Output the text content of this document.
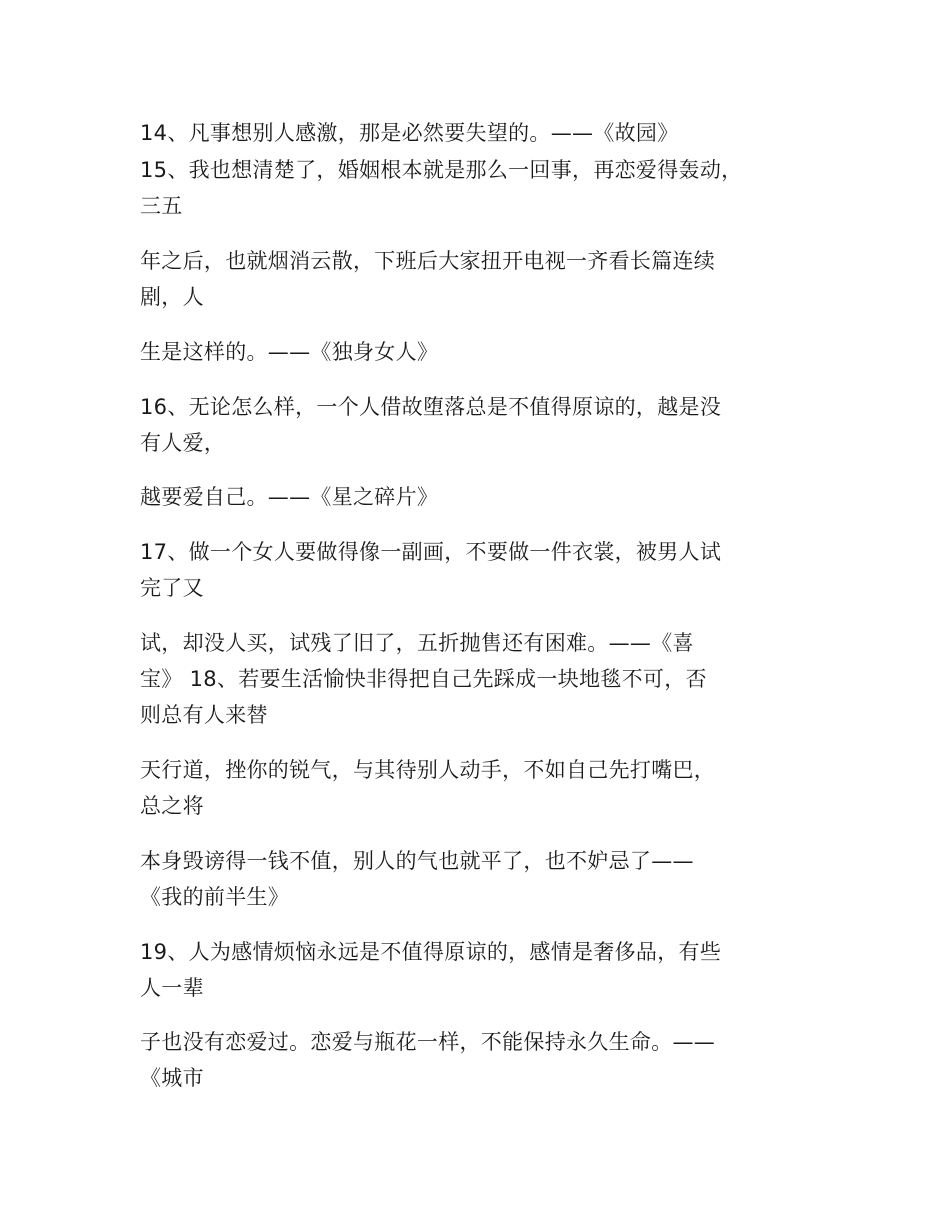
14、凡事想别人感激，那是必然要失望的。——《故园》
15、我也想清楚了，婚姻根本就是那么一回事，再恋爱得轰动，
三五
年之后，也就烟消云散，下班后大家扭开电视一齐看长篇连续
剧，人
生是这样的。——《独身女人》
16、无论怎么样，一个人借故堕落总是不值得原谅的，越是没
有人爱，
越要爱自己。——《星之碎片》
17、做一个女人要做得像一副画，不要做一件衣裳，被男人试
完了又
试，却没人买，试残了旧了，五折抛售还有困难。——《喜
宝》 18、若要生活愉快非得把自己先踩成一块地毯不可，否
则总有人来替
天行道，挫你的锐气，与其待别人动手，不如自己先打嘴巴，
总之将
本身毁谤得一钱不值，别人的气也就平了，也不妒忌了——
《我的前半生》
19、人为感情烦恼永远是不值得原谅的，感情是奢侈品，有些
人一辈
子也没有恋爱过。恋爱与瓶花一样，不能保持永久生命。——
《城市
